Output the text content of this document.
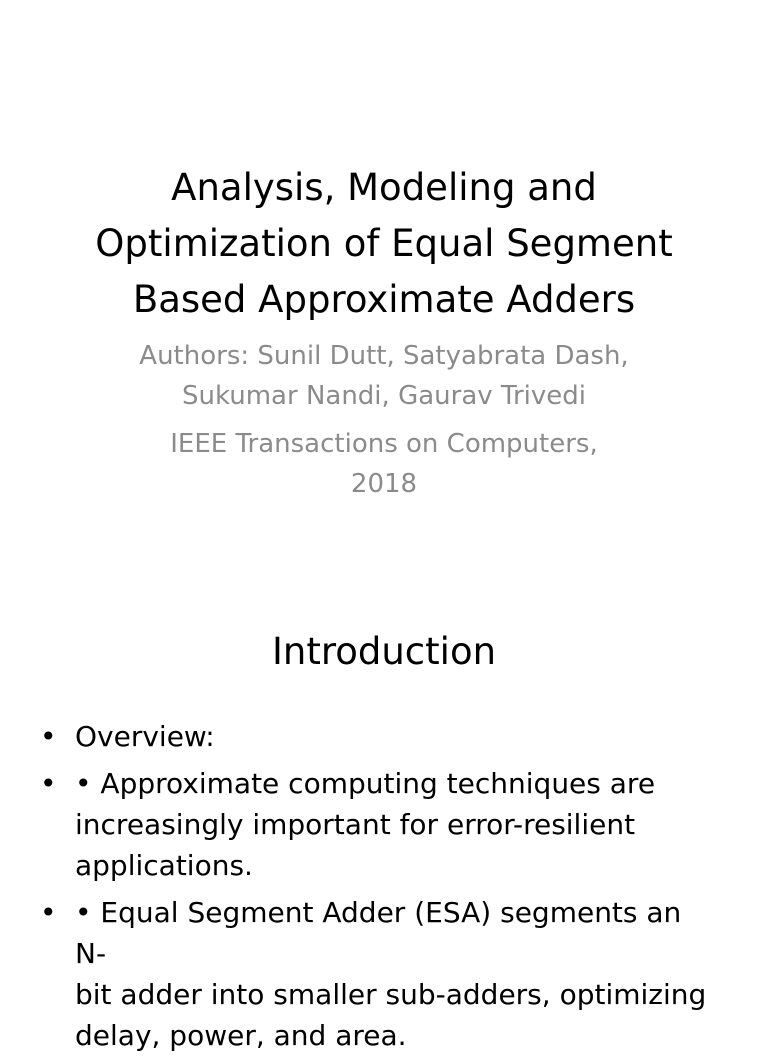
Analysis, Modeling and
Optimization of Equal Segment
Based Approximate Adders

Authors: Sunil Dutt, Satyabrata Dash,
Sukumar Nandi, Gaurav Trivedi

IEEE Transactions on Computers,
2018

Introduction
• Overview:
• • Approximate computing techniques are
increasingly important for error-resilient
applications.
• • Equal Segment Adder (ESA) segments an N-
bit adder into smaller sub-adders, optimizing
delay, power, and area.
